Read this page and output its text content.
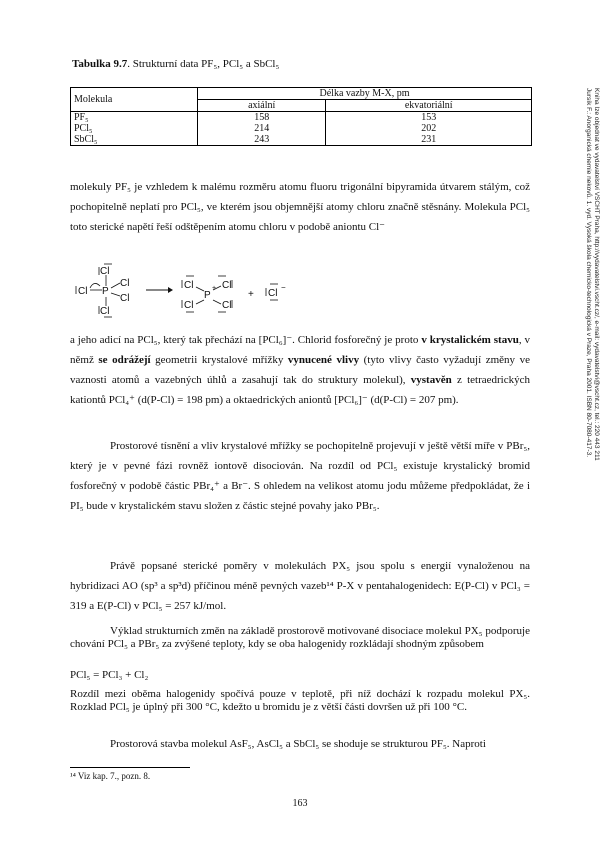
Jursík F.: Anorganická chemie nekovů. 1. vyd. Vysoká škola chemicko-technologická v Praze, Praha 2001. ISBN 80-7080-417-3. Kniha Ize objednat ve vydavatelství VŠCHT Praha, http://vydavatelstvi.vscht.cz/, e-mail: vydavatelstvi@vscht.cz, tel.: 220 443 211
Tabulka 9.7. Strukturní data PF₅, PCl₅ a SbCl₅
Molekula	Délka vazby M-X, pm	
	axiální	ekvatoriální
PF₅	158	153
PCl₅	214	202
SbCl₅	243	231

molekuly PF₅ je vzhledem k malému rozměru atomu fluoru trigonální bipyramida útvarem stálým, což pochopitelně neplatí pro PCl₅, ve kterém jsou objemnější atomy chloru značně stěsnány. Molekula PCl₅ toto sterické napětí řeší odštěpením atomu chloru v podobě aniontu Cl⁻

Cl
Cl P
Cl
Cl
Cl
Cl	Cl
P
+
Cl	Cl
+ Cl
−

a jeho adicí na PCl₅, který tak přechází na [PCl₆]⁻. Chlorid fosforečný je proto v krystalickém stavu, v němž se odrážejí geometrii krystalové mřížky vynucené vlivy (tyto vlivy často vyžadují změny ve vaznosti atomů a vazebných úhlů a zasahují tak do struktury molekul), vystavěn z tetraedrických kationtů PCl₄⁺ (d(P-Cl) = 198 pm) a oktaedrických aniontů [PCl₆]⁻ (d(P-Cl) = 207 pm).

Prostorové tísnění a vliv krystalové mřížky se pochopitelně projevují v ještě větší míře v PBr₅, který je v pevné fázi rovněž iontově disociován. Na rozdíl od PCl₅ existuje krystalický bromid fosforečný v podobě částic PBr₄⁺ a Br⁻. S ohledem na velikost atomu jodu můžeme předpokládat, že i PI₅ bude v krystalickém stavu složen z částic stejné povahy jako PBr₅.

Právě popsané sterické poměry v molekulách PX₅ jsou spolu s energií vynaloženou na hybridizaci AO (sp³ a sp³d) příčinou méně pevných vazeb¹⁴ P-X v pentahalogenidech: E(P-Cl) v PCl₃ = 319 a E(P-Cl) v PCl₅ = 257 kJ/mol.

Výklad strukturních změn na základě prostorově motivované disociace molekul PX₅ podporuje chování PCl₅ a PBr₅ za zvýšené teploty, kdy se oba halogenidy rozkládají shodným způsobem

PCl₅ = PCl₃ + Cl₂

Rozdíl mezi oběma halogenidy spočívá pouze v teplotě, při níž dochází k rozpadu molekul PX₅. Rozklad PCl₅ je úplný při 300 °C, kdežto u bromidu je z větší části dovršen už při 100 °C.

Prostorová stavba molekul AsF₅, AsCl₅ a SbCl₅ se shoduje se strukturou PF₅. Naproti

¹⁴ Viz kap. 7., pozn. 8.
163
